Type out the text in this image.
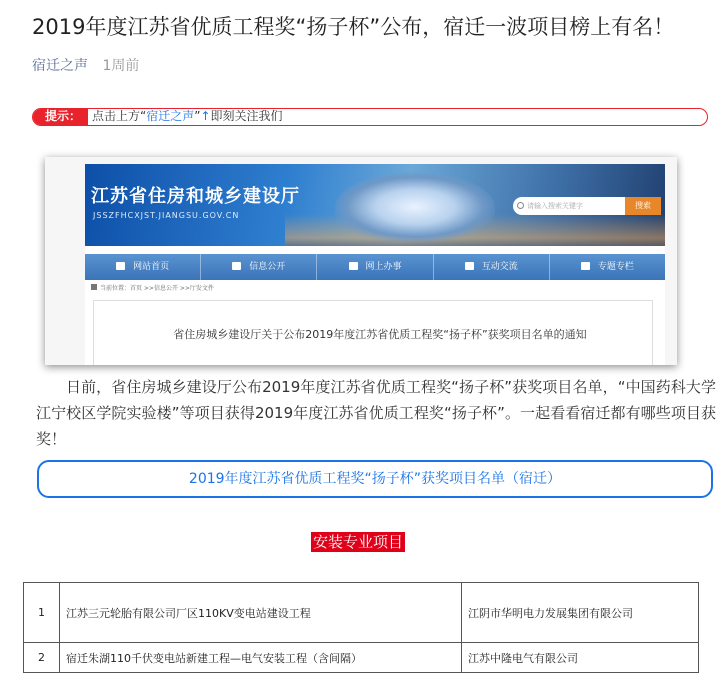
2019年度江苏省优质工程奖“扬子杯”公布，宿迁一波项目榜上有名！
宿迁之声 1周前
提示： 点击上方“宿迁之声”↑即刻关注我们
江苏省住房和城乡建设厅
JSSZFHCXJST.JIANGSU.GOV.CN
请输入搜索关键字	搜索
网站首页	信息公开	网上办事	互动交流	专题专栏
当前位置：首页 >>信息公开 >>厅发文件
省住房城乡建设厅关于公布2019年度江苏省优质工程奖“扬子杯”获奖项目名单的通知

日前，省住房城乡建设厅公布2019年度江苏省优质工程奖“扬子杯”获奖项目名单，“中国药科大学江宁校区学院实验楼”等项目获得2019年度江苏省优质工程奖“扬子杯”。一起看看宿迁都有哪些项目获奖！

2019年度江苏省优质工程奖“扬子杯”获奖项目名单（宿迁）
安装专业项目
1	江苏三元轮胎有限公司厂区110KV变电站建设工程	江阴市华明电力发展集团有限公司
2	宿迁朱湖110千伏变电站新建工程—电气安装工程（含间隔）	江苏中隆电气有限公司
